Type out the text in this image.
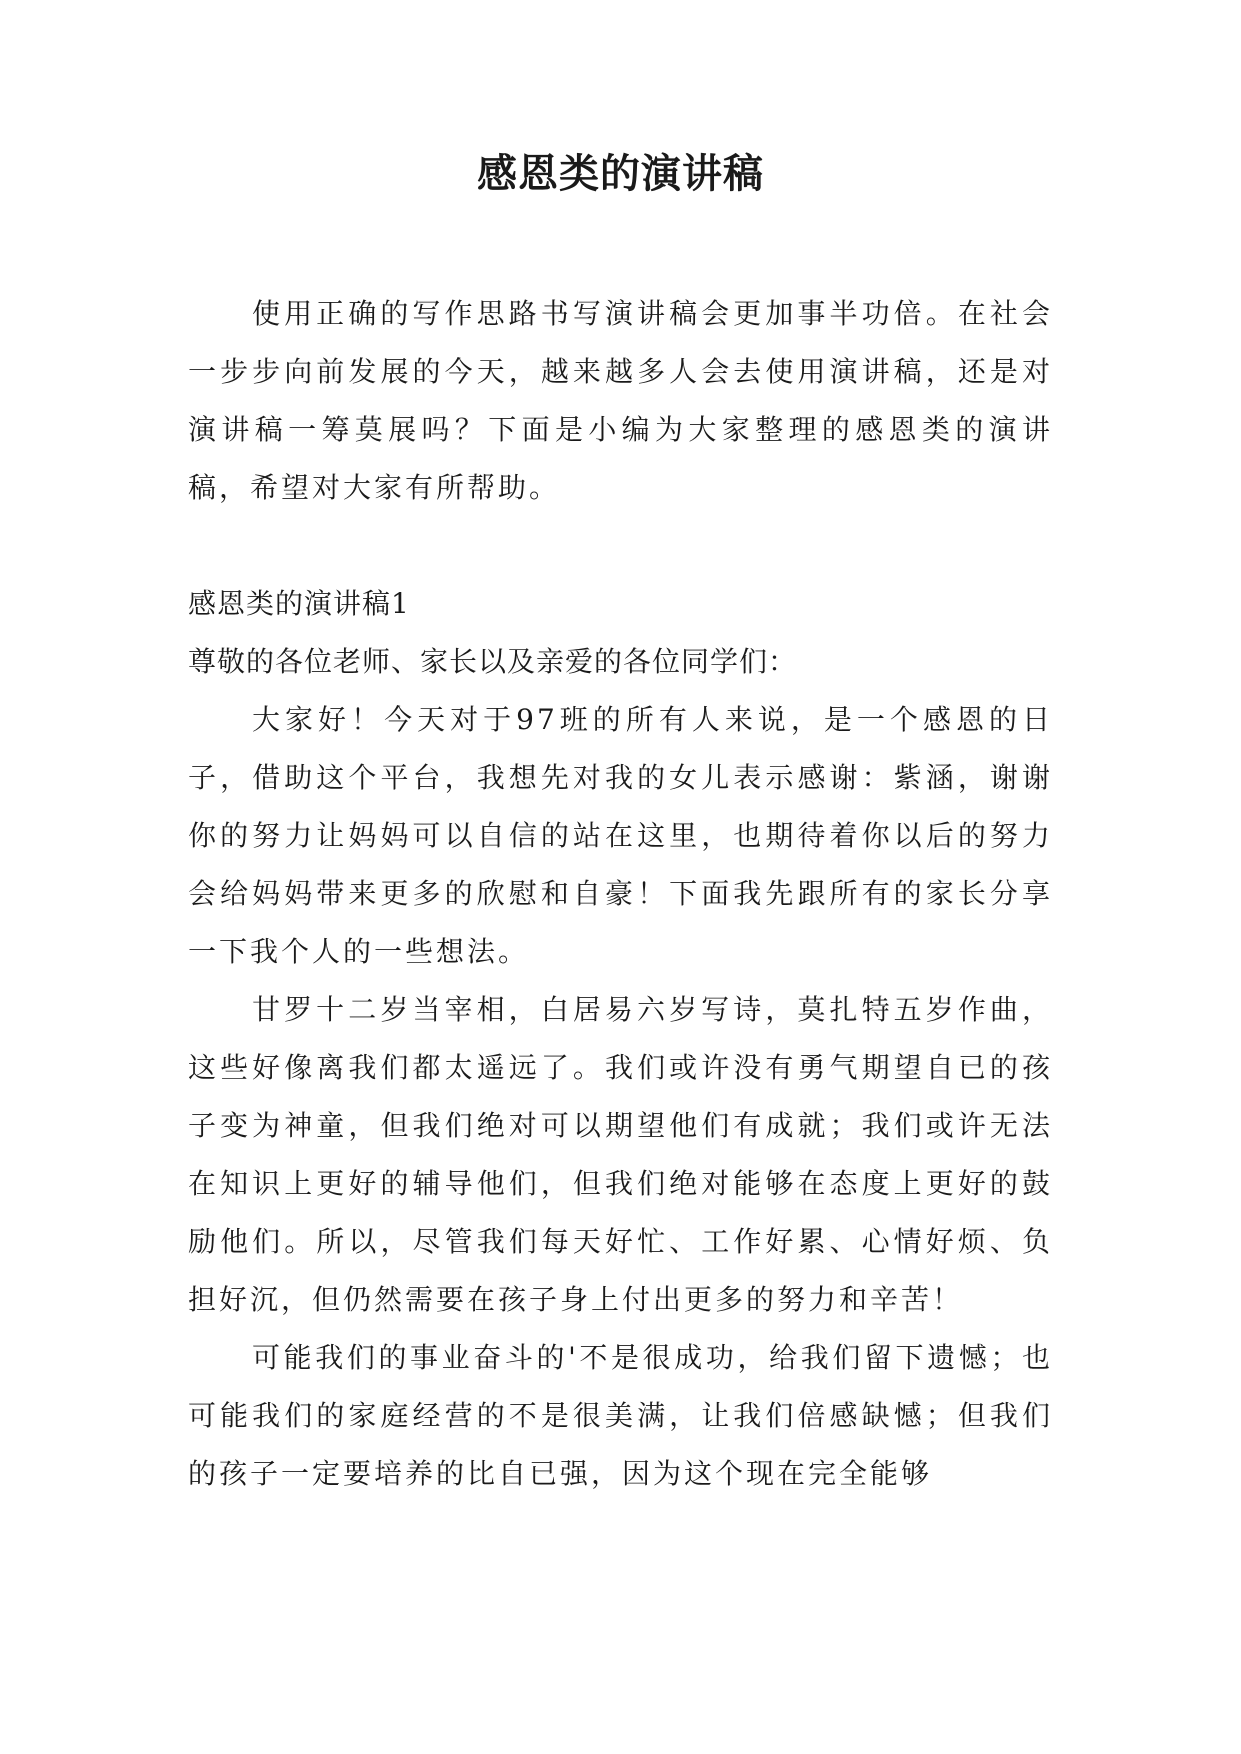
感恩类的演讲稿

使用正确的写作思路书写演讲稿会更加事半功倍。在社会一步步向前发展的今天，越来越多人会去使用演讲稿，还是对演讲稿一筹莫展吗？下面是小编为大家整理的感恩类的演讲稿，希望对大家有所帮助。

感恩类的演讲稿1

尊敬的各位老师、家长以及亲爱的各位同学们：

大家好！今天对于97班的所有人来说，是一个感恩的日子，借助这个平台，我想先对我的女儿表示感谢：紫涵，谢谢你的努力让妈妈可以自信的站在这里，也期待着你以后的努力会给妈妈带来更多的欣慰和自豪！下面我先跟所有的家长分享一下我个人的一些想法。

甘罗十二岁当宰相，白居易六岁写诗，莫扎特五岁作曲，这些好像离我们都太遥远了。我们或许没有勇气期望自已的孩子变为神童，但我们绝对可以期望他们有成就；我们或许无法在知识上更好的辅导他们，但我们绝对能够在态度上更好的鼓励他们。所以，尽管我们每天好忙、工作好累、心情好烦、负担好沉，但仍然需要在孩子身上付出更多的努力和辛苦！

可能我们的事业奋斗的'不是很成功，给我们留下遗憾；也可能我们的家庭经营的不是很美满，让我们倍感缺憾；但我们的孩子一定要培养的比自已强，因为这个现在完全能够
